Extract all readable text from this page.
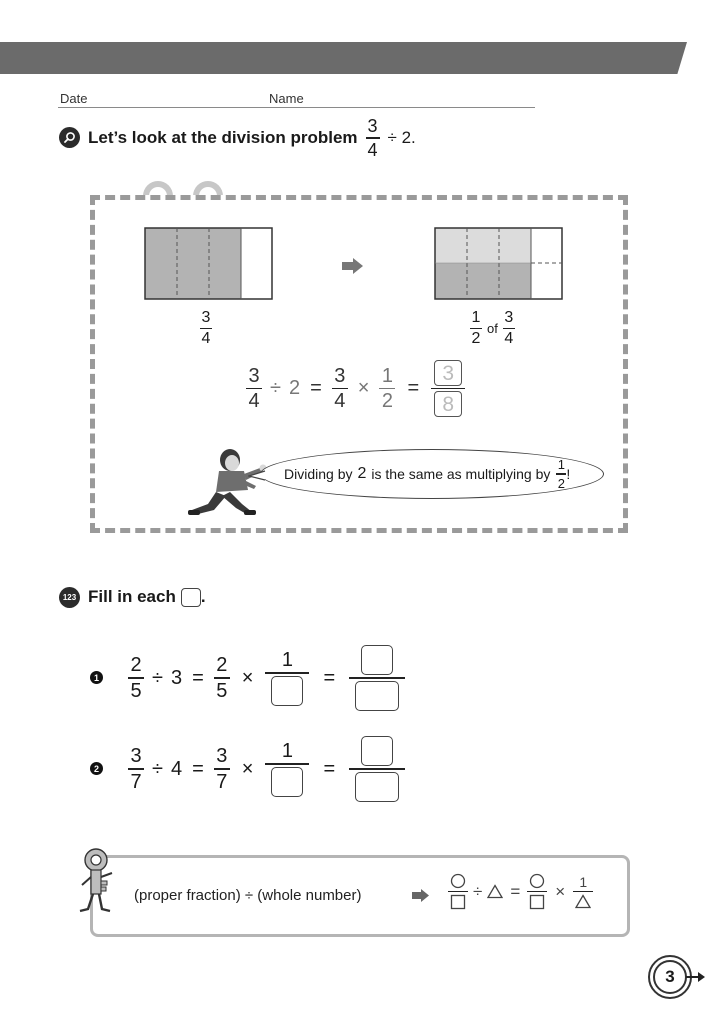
Date	Name
Let’s look at the division problem $\frac{3}{4} \div 2$.
3
4	$\frac{1}{2}$ of $\frac{3}{4}$
$\frac{3}{4} \div 2 = \frac{3}{4} \times \frac{1}{2} = \frac{3}{8}$
Dividing by 2 is the same as multiplying by $\frac{1}{2}$ !
123 Fill in each .
$1 \frac{2}{5} \div 3 = \frac{2}{5}$ ×
1
=
$2 \frac{3}{7} \div 4 = \frac{3}{7}$ ×
1
=
(proper fraction) ÷ (whole number)	÷ = ×
1
3
